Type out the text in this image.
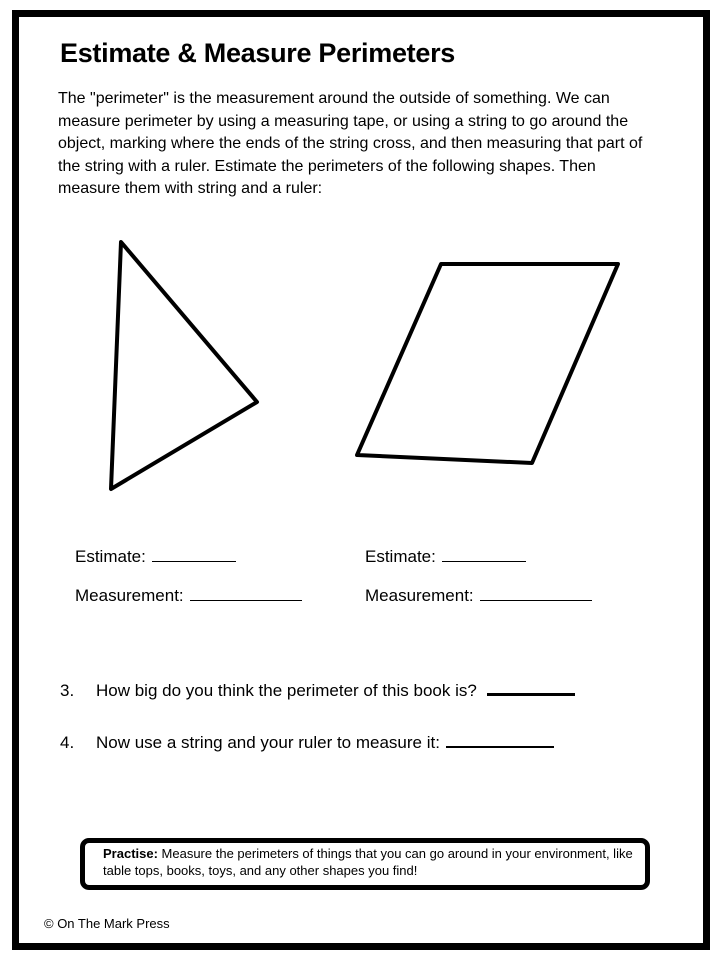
Estimate & Measure Perimeters
The "perimeter" is the measurement around the outside of something. We can measure perimeter by using a measuring tape, or using a string to go around the object, marking where the ends of the string cross, and then measuring that part of the string with a ruler. Estimate the perimeters of the following shapes. Then measure them with string and a ruler:
Estimate:
Measurement:
Estimate:
Measurement:
3. How big do you think the perimeter of this book is?
4. Now use a string and your ruler to measure it:
Practise: Measure the perimeters of things that you can go around in your environment, like table tops, books, toys, and any other shapes you find!
© On The Mark Press
